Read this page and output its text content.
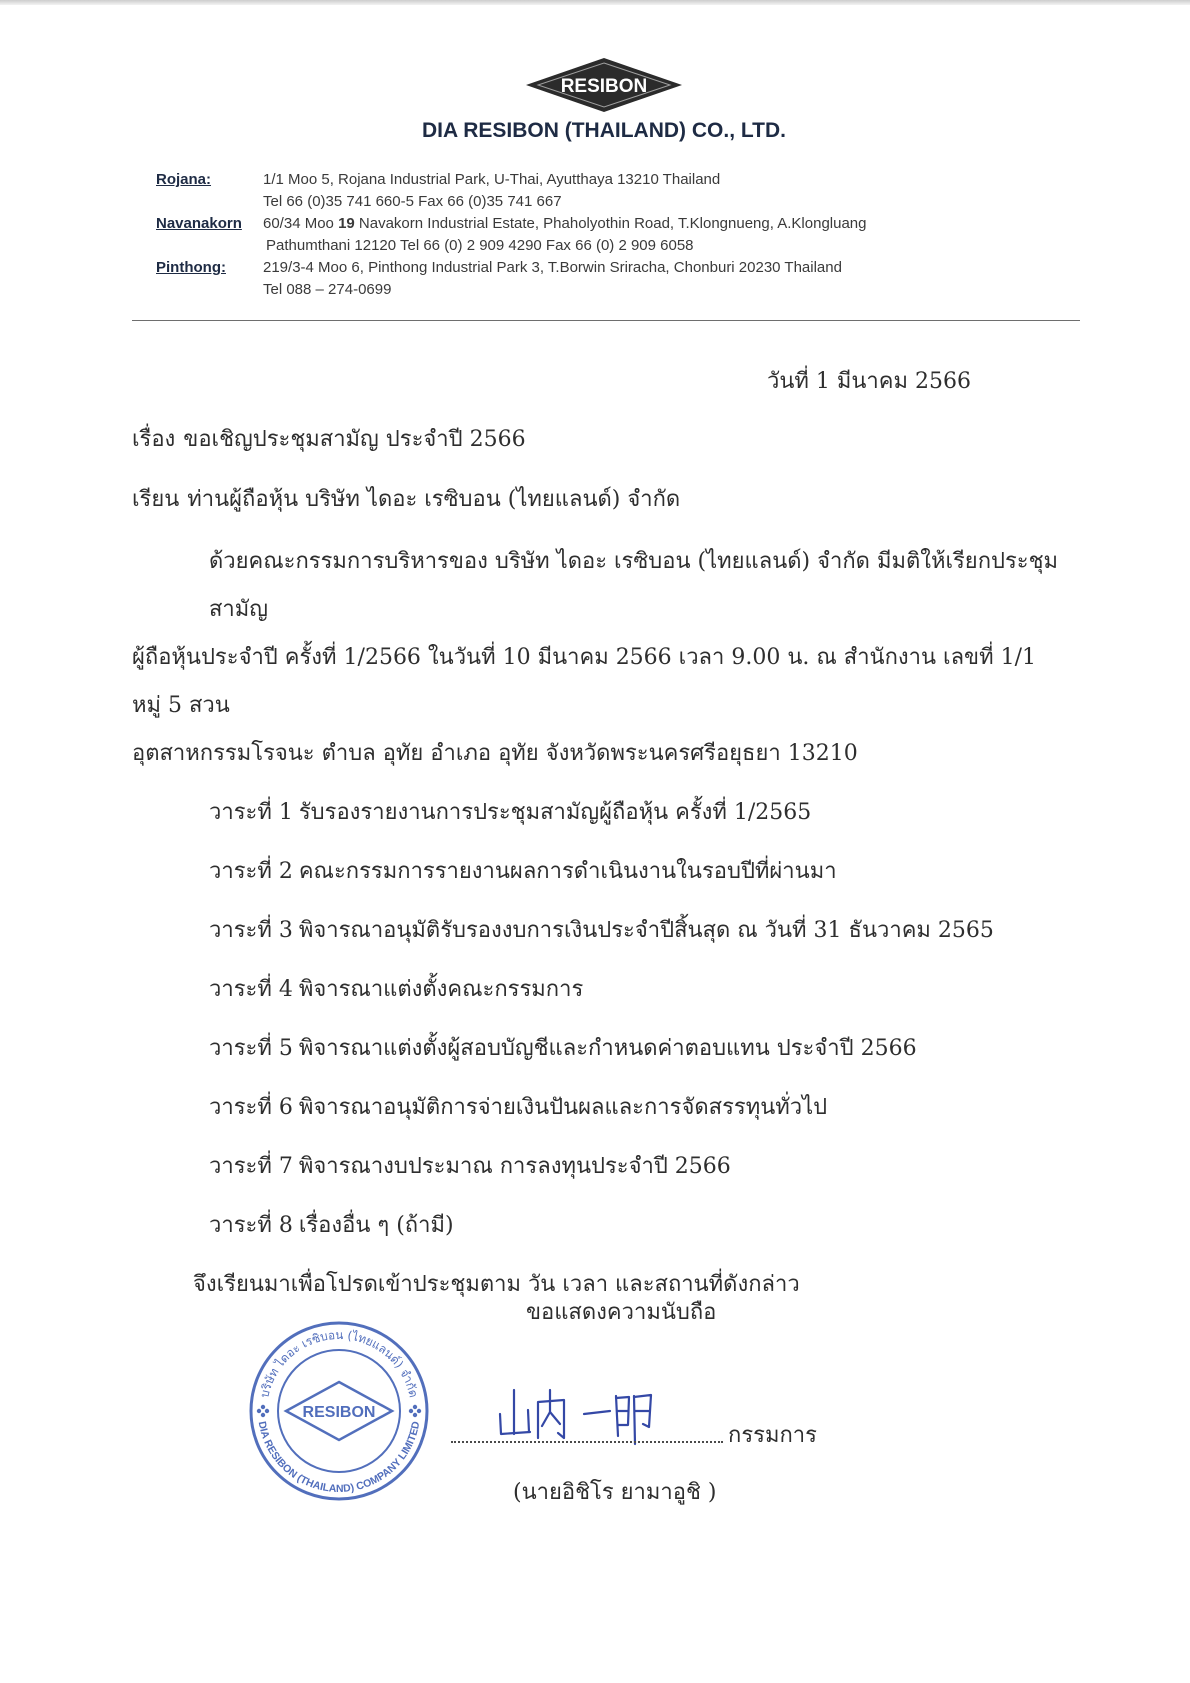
RESIBON
DIA RESIBON (THAILAND) CO., LTD.
Rojana:	1/1 Moo 5, Rojana Industrial Park, U-Thai, Ayutthaya 13210 Thailand
Tel 66 (0)35 741 660-5 Fax 66 (0)35 741 667
Navanakorn	60/34 Moo 19 Navakorn Industrial Estate, Phaholyothin Road, T.Klongnueng, A.Klongluang
Pathumthani 12120 Tel 66 (0) 2 909 4290 Fax 66 (0) 2 909 6058
Pinthong:	219/3-4 Moo 6, Pinthong Industrial Park 3, T.Borwin Sriracha, Chonburi 20230 Thailand
Tel 088 – 274-0699
วันที่ 1 มีนาคม 2566
เรื่อง ขอเชิญประชุมสามัญ ประจำปี 2566
เรียน ท่านผู้ถือหุ้น บริษัท ไดอะ เรซิบอน (ไทยแลนด์) จำกัด
ด้วยคณะกรรมการบริหารของ บริษัท ไดอะ เรซิบอน (ไทยแลนด์) จำกัด มีมติให้เรียกประชุมสามัญ
ผู้ถือหุ้นประจำปี ครั้งที่ 1/2566 ในวันที่ 10 มีนาคม 2566 เวลา 9.00 น. ณ สำนักงาน เลขที่ 1/1 หมู่ 5 สวน
อุตสาหกรรมโรจนะ ตำบล อุทัย อำเภอ อุทัย จังหวัดพระนครศรีอยุธยา 13210
วาระที่ 1 รับรองรายงานการประชุมสามัญผู้ถือหุ้น ครั้งที่ 1/2565
วาระที่ 2 คณะกรรมการรายงานผลการดำเนินงานในรอบปีที่ผ่านมา
วาระที่ 3 พิจารณาอนุมัติรับรองงบการเงินประจำปีสิ้นสุด ณ วันที่ 31 ธันวาคม 2565
วาระที่ 4 พิจารณาแต่งตั้งคณะกรรมการ
วาระที่ 5 พิจารณาแต่งตั้งผู้สอบบัญชีและกำหนดค่าตอบแทน ประจำปี 2566
วาระที่ 6 พิจารณาอนุมัติการจ่ายเงินปันผลและการจัดสรรทุนทั่วไป
วาระที่ 7 พิจารณางบประมาณ การลงทุนประจำปี 2566
วาระที่ 8 เรื่องอื่น ๆ (ถ้ามี)
จึงเรียนมาเพื่อโปรดเข้าประชุมตาม วัน เวลา และสถานที่ดังกล่าว
ขอแสดงความนับถือ
บริษัท ไดอะ เรซิบอน (ไทยแลนด์) จำกัด
DIA RESIBON (THAILAND) COMPANY LIMITED
RESIBON
กรรมการ
(นายอิชิโร ยามาอูชิ )
